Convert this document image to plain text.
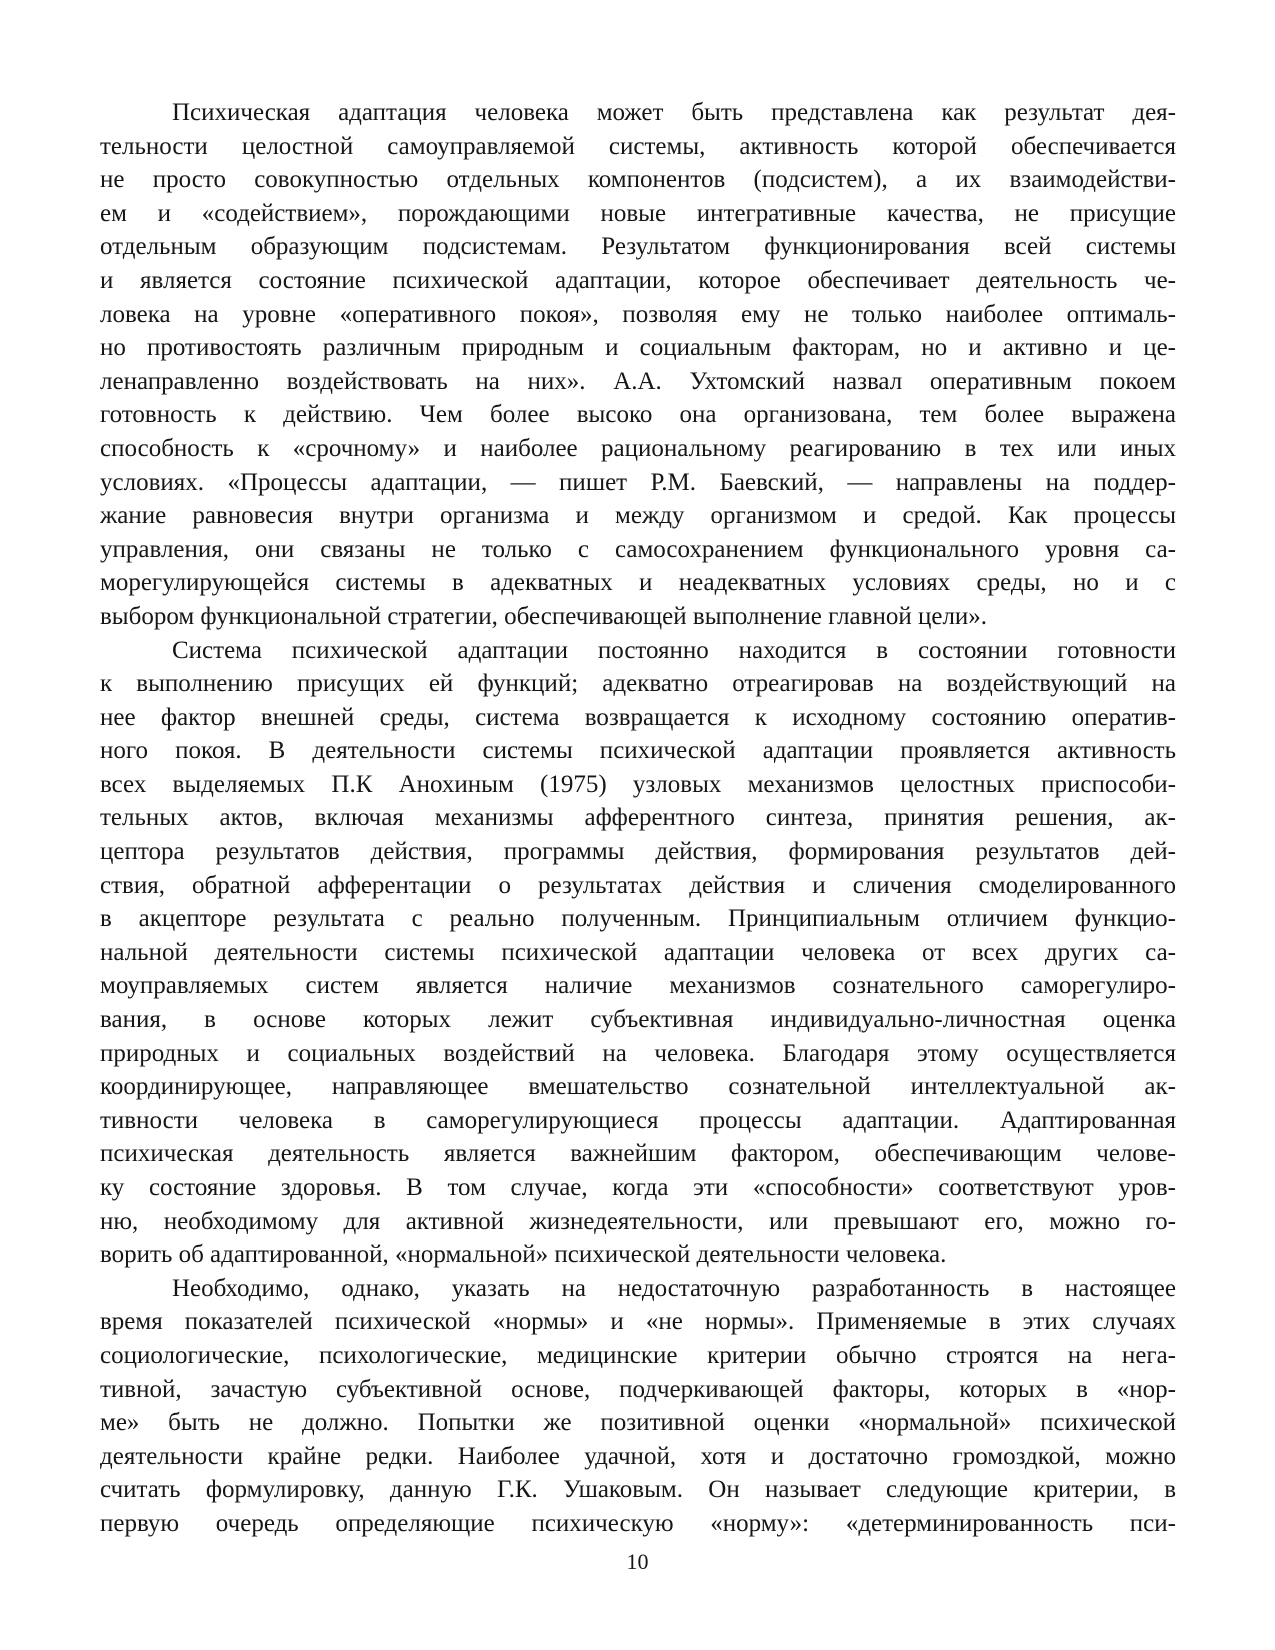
Психическая адаптация человека может быть представлена как результат дея-
тельности целостной самоуправляемой системы, активность которой обеспечивается
не просто совокупностью отдельных компонентов (подсистем), а их взаимодействи-
ем и «содействием», порождающими новые интегративные качества, не присущие
отдельным образующим подсистемам. Результатом функционирования всей системы
и является состояние психической адаптации, которое обеспечивает деятельность че-
ловека на уровне «оперативного покоя», позволяя ему не только наиболее оптималь-
но противостоять различным природным и социальным факторам, но и активно и це-
ленаправленно воздействовать на них». А.А. Ухтомский назвал оперативным покоем
готовность к действию. Чем более высоко она организована, тем более выражена
способность к «срочному» и наиболее рациональному реагированию в тех или иных
условиях. «Процессы адаптации, — пишет Р.М. Баевский, — направлены на поддер-
жание равновесия внутри организма и между организмом и средой. Как процессы
управления, они связаны не только с самосохранением функционального уровня са-
морегулирующейся системы в адекватных и неадекватных условиях среды, но и с
выбором функциональной стратегии, обеспечивающей выполнение главной цели».
Система психической адаптации постоянно находится в состоянии готовности
к выполнению присущих ей функций; адекватно отреагировав на воздействующий на
нее фактор внешней среды, система возвращается к исходному состоянию оператив-
ного покоя. В деятельности системы психической адаптации проявляется активность
всех выделяемых П.К Анохиным (1975) узловых механизмов целостных приспособи-
тельных актов, включая механизмы афферентного синтеза, принятия решения, ак-
цептора результатов действия, программы действия, формирования результатов дей-
ствия, обратной афферентации о результатах действия и сличения смоделированного
в акцепторе результата с реально полученным. Принципиальным отличием функцио-
нальной деятельности системы психической адаптации человека от всех других са-
моуправляемых систем является наличие механизмов сознательного саморегулиро-
вания, в основе которых лежит субъективная индивидуально-личностная оценка
природных и социальных воздействий на человека. Благодаря этому осуществляется
координирующее, направляющее вмешательство сознательной интеллектуальной ак-
тивности человека в саморегулирующиеся процессы адаптации. Адаптированная
психическая деятельность является важнейшим фактором, обеспечивающим челове-
ку состояние здоровья. В том случае, когда эти «способности» соответствуют уров-
ню, необходимому для активной жизнедеятельности, или превышают его, можно го-
ворить об адаптированной, «нормальной» психической деятельности человека.
Необходимо, однако, указать на недостаточную разработанность в настоящее
время показателей психической «нормы» и «не нормы». Применяемые в этих случаях
социологические, психологические, медицинские критерии обычно строятся на нега-
тивной, зачастую субъективной основе, подчеркивающей факторы, которых в «нор-
ме» быть не должно. Попытки же позитивной оценки «нормальной» психической
деятельности крайне редки. Наиболее удачной, хотя и достаточно громоздкой, можно
считать формулировку, данную Г.К. Ушаковым. Он называет следующие критерии, в
первую очередь определяющие психическую «норму»: «детерминированность пси-
10
